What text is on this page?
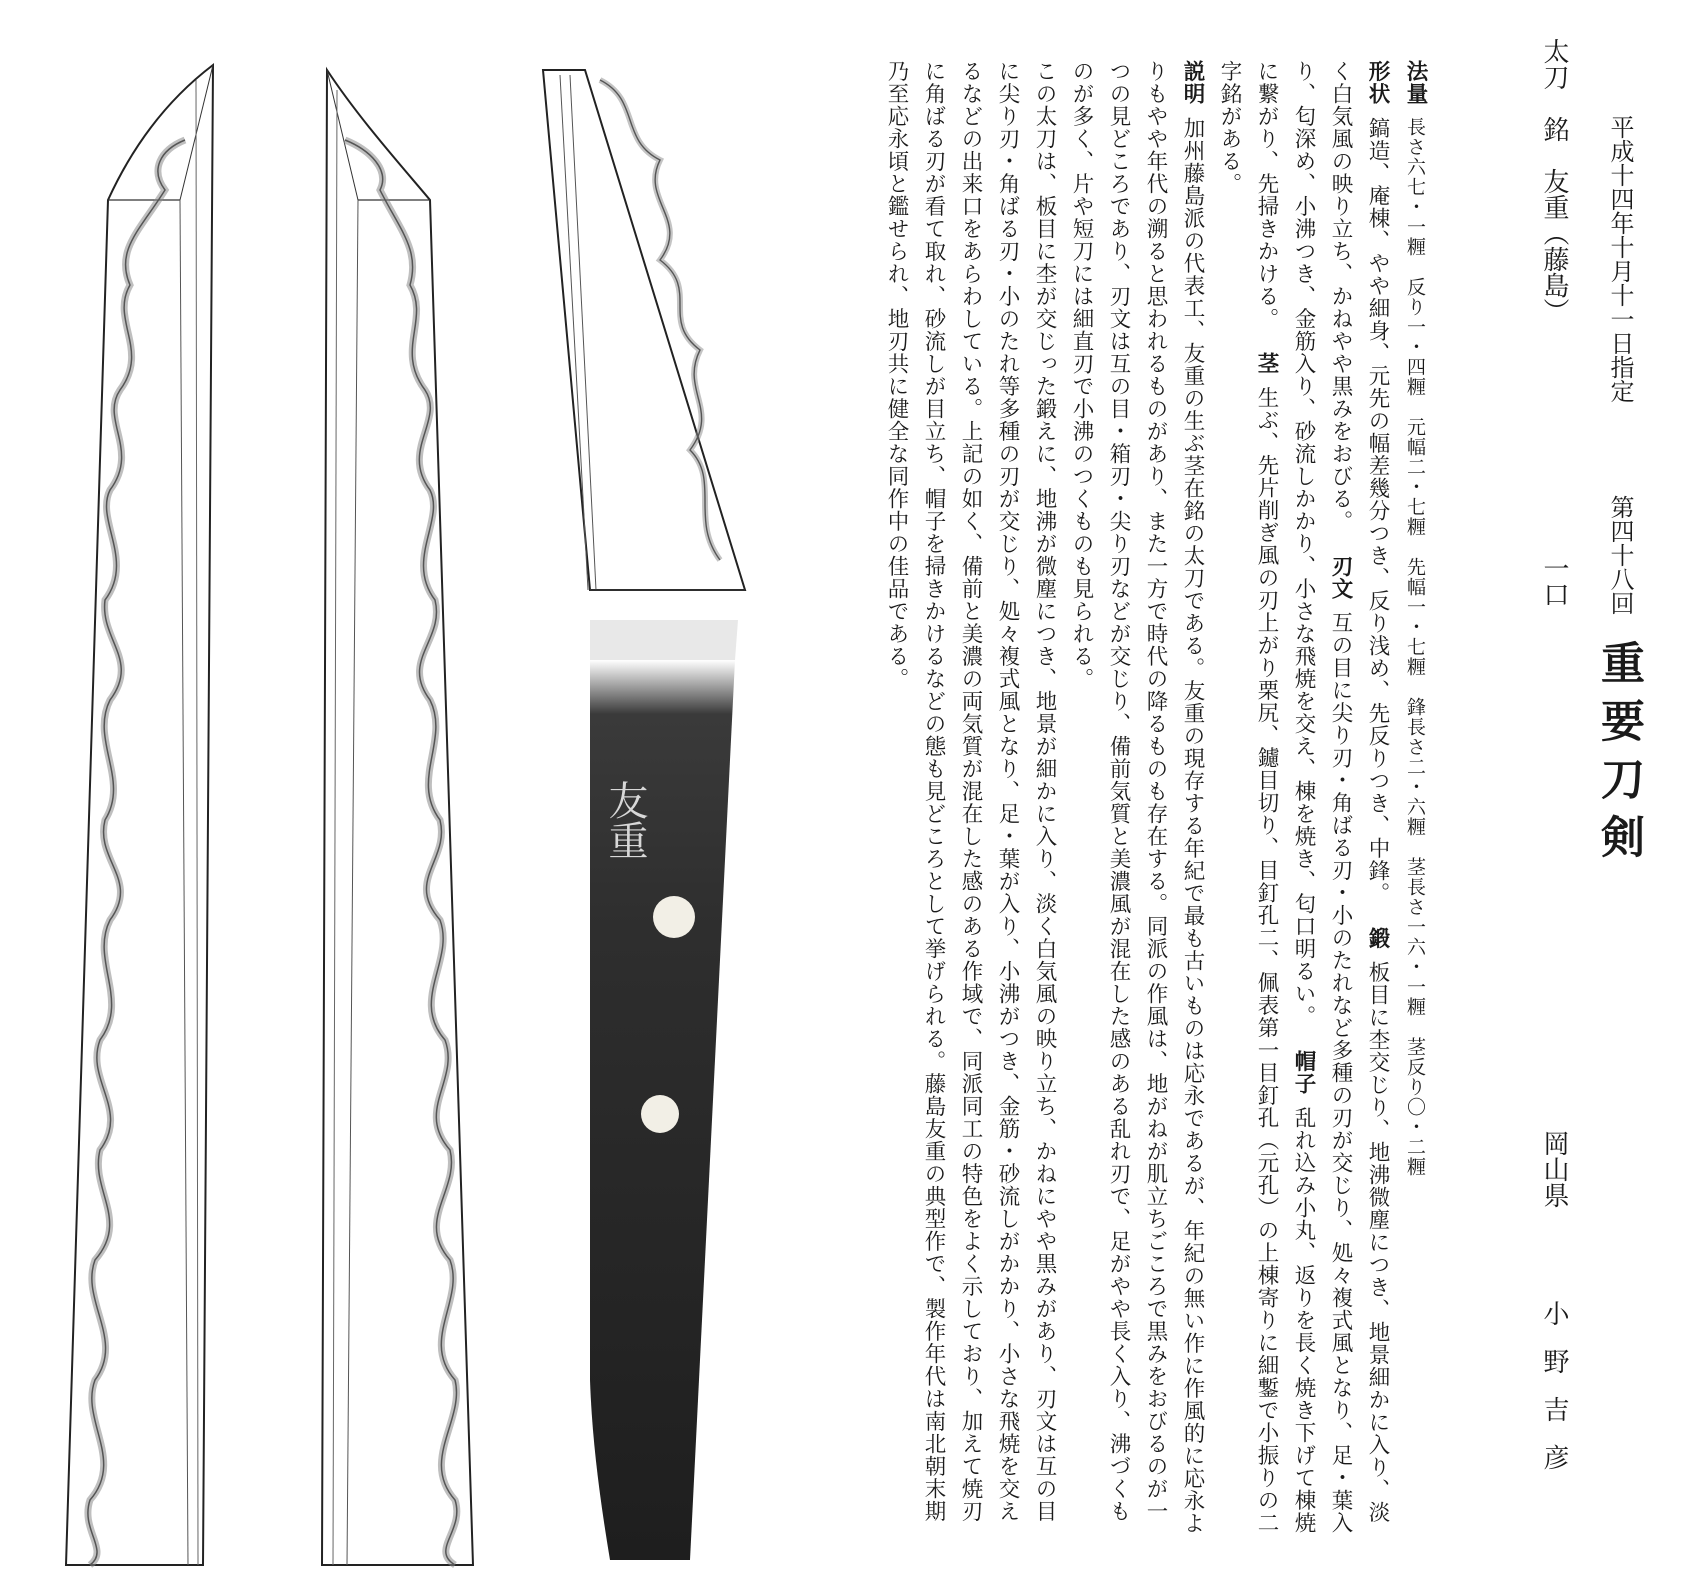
友重
平成十四年十月十一日指定
第四十八回
重要刀剣
太刀　銘　友重（藤島）
一口
岡山県
小野吉彦

法量長さ六七・一糎　反り一・四糎　元幅二・七糎　先幅一・七糎　鋒長さ二・六糎　茎長さ一六・一糎　茎反り〇・二糎

形状鎬造、庵棟、やや細身、元先の幅差幾分つき、反り浅め、先反りつき、中鋒。鍛板目に杢交じり、地沸微塵につき、地景細かに入り、淡く白気風の映り立ち、かねやや黒みをおびる。刃文互の目に尖り刃・角ばる刃・小のたれなど多種の刃が交じり、処々複式風となり、足・葉入り、匂深め、小沸つき、金筋入り、砂流しかかり、小さな飛焼を交え、棟を焼き、匂口明るい。帽子乱れ込み小丸、返りを長く焼き下げて棟焼に繋がり、先掃きかける。茎生ぶ、先片削ぎ風の刃上がり栗尻、鑢目切り、目釘孔二、佩表第一目釘孔（元孔）の上棟寄りに細鏨で小振りの二字銘がある。

説明加州藤島派の代表工、友重の生ぶ茎在銘の太刀である。友重の現存する年紀で最も古いものは応永であるが、年紀の無い作に作風的に応永よりもやや年代の溯ると思われるものがあり、また一方で時代の降るものも存在する。同派の作風は、地がねが肌立ちごころで黒みをおびるのが一つの見どころであり、刃文は互の目・箱刃・尖り刃などが交じり、備前気質と美濃風が混在した感のある乱れ刃で、足がやや長く入り、沸づくものが多く、片や短刀には細直刃で小沸のつくものも見られる。

この太刀は、板目に杢が交じった鍛えに、地沸が微塵につき、地景が細かに入り、淡く白気風の映り立ち、かねにやや黒みがあり、刃文は互の目に尖り刃・角ばる刃・小のたれ等多種の刃が交じり、処々複式風となり、足・葉が入り、小沸がつき、金筋・砂流しがかかり、小さな飛焼を交えるなどの出来口をあらわしている。上記の如く、備前と美濃の両気質が混在した感のある作域で、同派同工の特色をよく示しており、加えて焼刃に角ばる刃が看て取れ、砂流しが目立ち、帽子を掃きかけるなどの態も見どころとして挙げられる。藤島友重の典型作で、製作年代は南北朝末期乃至応永頃と鑑せられ、地刃共に健全な同作中の佳品である。
